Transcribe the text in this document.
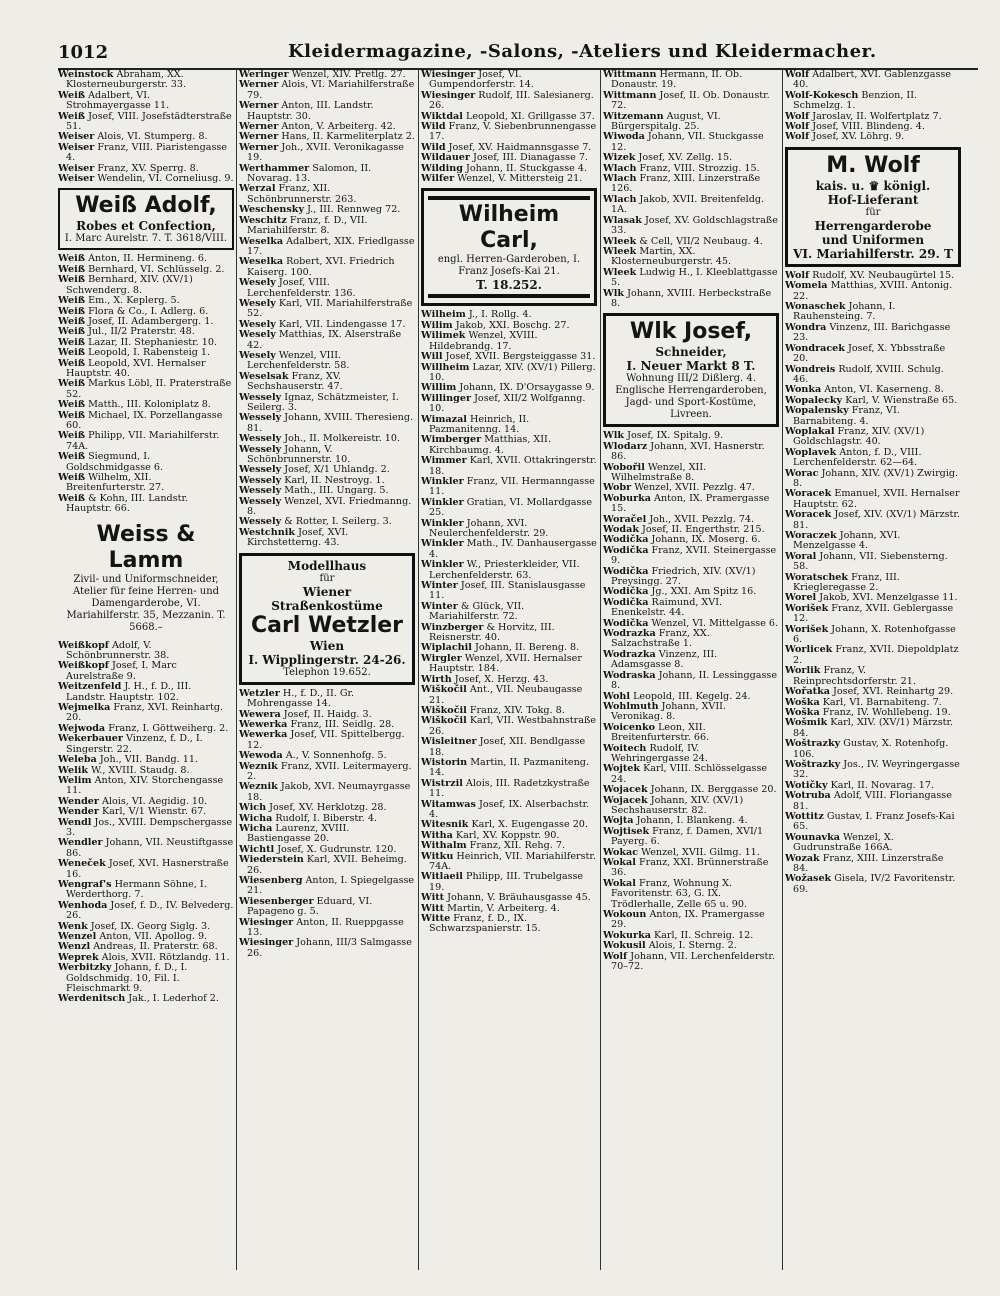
1012	Kleidermagazine, -Salons, -Ateliers und Kleidermacher.
Weinstock Abraham, XX. Klosterneuburgerstr. 33.
Weiß Adalbert, VI. Strohmayergasse 11.
Weiß Josef, VIII. Josefstädterstraße 51.
Weiser Alois, VI. Stumperg. 8.
Weiser Franz, VIII. Piaristengasse 4.
Weiser Franz, XV. Sperrg. 8.
Weiser Wendelin, VI. Corneliusg. 9.
Weiß Adolf,
Robes et Confection,
I. Marc Aurelstr. 7. T. 3618/VIII.
Weiß Anton, II. Hermineng. 6.
Weiß Bernhard, VI. Schlüsselg. 2.
Weiß Bernhard, XIV. (XV/1) Schwenderg. 8.
Weiß Em., X. Keplerg. 5.
Weiß Flora & Co., I. Adlerg. 6.
Weiß Josef, II. Adambergerg. 1.
Weiß Jul., II/2 Praterstr. 48.
Weiß Lazar, II. Stephaniestr. 10.
Weiß Leopold, I. Rabensteig 1.
Weiß Leopold, XVI. Hernalser Hauptstr. 40.
Weiß Markus Löbl, II. Praterstraße 52.
Weiß Matth., III. Koloniplatz 8.
Weiß Michael, IX. Porzellangasse 60.
Weiß Philipp, VII. Mariahilferstr. 74A.
Weiß Siegmund, I. Goldschmidgasse 6.
Weiß Wilhelm, XII. Breitenfurterstr. 27.
Weiß & Kohn, III. Landstr. Hauptstr. 66.
Weiss & Lamm
Zivil- und Uniformschneider, Atelier für feine Herren- und Damengarderobe, VI. Mariahilferstr. 35, Mezzanin. T. 5668.–
Weißkopf Adolf, V. Schönbrunnerstr. 38.
Weißkopf Josef, I. Marc Aurelstraße 9.
Weitzenfeld J. H., f. D., III. Landstr. Hauptstr. 102.
Wejmelka Franz, XVI. Reinhartg. 20.
Wejwoda Franz, I. Göttweiherg. 2.
Wekerbauer Vinzenz, f. D., I. Singerstr. 22.
Weleba Joh., VII. Bandg. 11.
Welik W., XVIII. Staudg. 8.
Welim Anton, XIV. Storchengasse 11.
Wender Alois, VI. Aegidig. 10.
Wender Karl, V/1 Wienstr. 67.
Wendl Jos., XVIII. Dempschergasse 3.
Wendler Johann, VII. Neustiftgasse 86.
Weneček Josef, XVI. Hasnerstraße 16.
Wengraf's Hermann Söhne, I. Werderthorg. 7.
Wenhoda Josef, f. D., IV. Belvederg. 26.
Wenk Josef, IX. Georg Siglg. 3.
Wenzel Anton, VII. Apollog. 9.
Wenzl Andreas, II. Praterstr. 68.
Weprek Alois, XVII. Rötzlandg. 11.
Werbitzky Johann, f. D., I. Goldschmidg. 10, Fil. I. Fleischmarkt 9.
Werdenitsch Jak., I. Lederhof 2.
Weringer Wenzel, XIV. Pretlg. 27.
Werner Alois, VI. Mariahilferstraße 79.
Werner Anton, III. Landstr. Hauptstr. 30.
Werner Anton, V. Arbeiterg. 42.
Werner Hans, II. Karmeliterplatz 2.
Werner Joh., XVII. Veronikagasse 19.
Werthammer Salomon, II. Novarag. 13.
Werzal Franz, XII. Schönbrunnerstr. 263.
Weschensky J., III. Rennweg 72.
Weschitz Franz, f. D., VII. Mariahilferstr. 8.
Weselka Adalbert, XIX. Friedlgasse 17.
Weselka Robert, XVI. Friedrich Kaiserg. 100.
Wesely Josef, VIII. Lerchenfelderstr. 136.
Wesely Karl, VII. Mariahilferstraße 52.
Wesely Karl, VII. Lindengasse 17.
Wesely Matthias, IX. Alserstraße 42.
Wesely Wenzel, VIII. Lerchenfelderstr. 58.
Weselsak Franz, XV. Sechshauserstr. 47.
Wessely Ignaz, Schätzmeister, I. Seilerg. 3.
Wessely Johann, XVIII. Theresieng. 81.
Wessely Joh., II. Molkereistr. 10.
Wessely Johann, V. Schönbrunnerstr. 10.
Wessely Josef, X/1 Uhlandg. 2.
Wessely Karl, II. Nestroyg. 1.
Wessely Math., III. Ungarg. 5.
Wessely Wenzel, XVI. Friedmanng. 8.
Wessely & Rotter, I. Seilerg. 3.
Westchnik Josef, XVI. Kirchstetterng. 43.
Modellhaus
für
Wiener Straßenkostüme
Carl Wetzler
Wien
I. Wipplingerstr. 24-26.
Telephon 19.652.
Wetzler H., f. D., II. Gr. Mohrengasse 14.
Wewera Josef, II. Haidg. 3.
Wewerka Franz, III. Seidlg. 28.
Wewerka Josef, VII. Spittelbergg. 12.
Wewoda A., V. Sonnenhofg. 5.
Weznik Franz, XVII. Leitermayerg. 2.
Weznik Jakob, XVI. Neumayrgasse 18.
Wich Josef, XV. Herklotzg. 28.
Wicha Rudolf, I. Biberstr. 4.
Wicha Laurenz, XVIII. Bastiengasse 20.
Wichtl Josef, X. Gudrunstr. 120.
Wiederstein Karl, XVII. Beheimg. 26.
Wiesenberg Anton, I. Spiegelgasse 21.
Wiesenberger Eduard, VI. Papageno g. 5.
Wiesinger Anton, II. Rueppgasse 13.
Wiesinger Johann, III/3 Salmgasse 26.
Wiesinger Josef, VI. Gumpendorferstr. 14.
Wiesinger Rudolf, III. Salesianerg. 26.
Wiktdal Leopold, XI. Grillgasse 37.
Wild Franz, V. Siebenbrunnengasse 17.
Wild Josef, XV. Haidmannsgasse 7.
Wildauer Josef, III. Dianagasse 7.
Wilding Johann, II. Stuckgasse 4.
Wilfer Wenzel, V. Mittersteig 21.
Wilheim Carl,
engl. Herren-Garderoben, I. Franz Josefs-Kai 21.
T. 18.252.
Wilheim J., I. Rollg. 4.
Wilim Jakob, XXI. Boschg. 27.
Wilimek Wenzel, XVIII. Hildebrandg. 17.
Will Josef, XVII. Bergsteiggasse 31.
Willheim Lazar, XIV. (XV/1) Pillerg. 10.
Willim Johann, IX. D'Orsaygasse 9.
Willinger Josef, XII/2 Wolfganng. 10.
Wimazal Heinrich, II. Pazmanitenng. 14.
Wimberger Matthias, XII. Kirchbaumg. 4.
Wimmer Karl, XVII. Ottakringerstr. 18.
Winkler Franz, VII. Hermanngasse 11.
Winkler Gratian, VI. Mollardgasse 25.
Winkler Johann, XVI. Neulerchenfelderstr. 29.
Winkler Math., IV. Danhausergasse 4.
Winkler W., Priesterkleider, VII. Lerchenfelderstr. 63.
Winter Josef, III. Stanislausgasse 11.
Winter & Glück, VII. Mariahilferstr. 72.
Winzberger & Horvitz, III. Reisnerstr. 40.
Wiplachil Johann, II. Bereng. 8.
Wirgler Wenzel, XVII. Hernalser Hauptstr. 184.
Wirth Josef, X. Herzg. 43.
Wiškočil Ant., VII. Neubaugasse 21.
Wiškočil Franz, XIV. Tokg. 8.
Wiškočil Karl, VII. Westbahnstraße 26.
Wisleitner Josef, XII. Bendlgasse 18.
Wistorin Martin, II. Pazmaniteng. 14.
Wistrzil Alois, III. Radetzkystraße 11.
Witamwas Josef, IX. Alserbachstr. 4.
Witesnik Karl, X. Eugengasse 20.
Witha Karl, XV. Koppstr. 90.
Withalm Franz, XII. Rehg. 7.
Witku Heinrich, VII. Mariahilferstr. 74A.
Witlaeil Philipp, III. Trubelgasse 19.
Witt Johann, V. Bräuhausgasse 45.
Witt Martin, V. Arbeiterg. 4.
Witte Franz, f. D., IX. Schwarzspanierstr. 15.
Wittmann Hermann, II. Ob. Donaustr. 19.
Wittmann Josef, II. Ob. Donaustr. 72.
Witzemann August, VI. Bürgerspitalg. 25.
Wiwoda Johann, VII. Stuckgasse 12.
Wizek Josef, XV. Zellg. 15.
Wlach Franz, VIII. Strozzig. 15.
Wlach Franz, XIII. Linzerstraße 126.
Wlach Jakob, XVII. Breitenfeldg. 1A.
Wlasak Josef, XV. Goldschlagstraße 33.
Wleek & Cell, VII/2 Neubaug. 4.
Wleek Martin, XX. Klosterneuburgerstr. 45.
Wleek Ludwig H., I. Kleeblattgasse 5.
Wlk Johann, XVIII. Herbeckstraße 8.
Wlk Josef,
Schneider,
I. Neuer Markt 8 T.
Wohnung III/2 Dißlerg. 4.
Englische Herrengarderoben, Jagd- und Sport-Kostüme, Livreen.
Wlk Josef, IX. Spitalg. 9.
Wlodarz Johann, XVI. Hasnerstr. 86.
Wobořil Wenzel, XII. Wilhelmstraße 8.
Wobr Wenzel, XVII. Pezzlg. 47.
Woburka Anton, IX. Pramergasse 15.
Woračel Joh., XVII. Pezzlg. 74.
Wodak Josef, II. Engerthstr. 215.
Wodička Johann, IX. Moserg. 6.
Wodička Franz, XVII. Steinergasse 9.
Wodička Friedrich, XIV. (XV/1) Preysingg. 27.
Wodička Jg., XXI. Am Spitz 16.
Wodička Raimund, XVI. Enenkelstr. 44.
Wodička Wenzel, VI. Mittelgasse 6.
Wodrazka Franz, XX. Salzachstraße 1.
Wodrazka Vinzenz, III. Adamsgasse 8.
Wodraska Johann, II. Lessinggasse 8.
Wohl Leopold, III. Kegelg. 24.
Wohlmuth Johann, XVII. Veronikag. 8.
Woicenko Leon, XII. Breitenfurterstr. 66.
Woitech Rudolf, IV. Wehringergasse 24.
Wojtek Karl, VIII. Schlösselgasse 24.
Wojacek Johann, IX. Berggasse 20.
Wojacek Johann, XIV. (XV/1) Sechshauserstr. 82.
Wojta Johann, I. Blankeng. 4.
Wojtisek Franz, f. Damen, XVI/1 Payerg. 6.
Wokac Wenzel, XVII. Gilmg. 11.
Wokal Franz, XXI. Brünnerstraße 36.
Wokal Franz, Wohnung X. Favoritenstr. 63, G. IX. Trödlerhalle, Zelle 65 u. 90.
Wokoun Anton, IX. Pramergasse 29.
Wokurka Karl, II. Schreig. 12.
Wokusil Alois, I. Sterng. 2.
Wolf Johann, VII. Lerchenfelderstr. 70–72.
Wolf Adalbert, XVI. Gablenzgasse 40.
Wolf-Kokesch Benzion, II. Schmelzg. 1.
Wolf Jaroslav, II. Wolfertplatz 7.
Wolf Josef, VIII. Blindeng. 4.
Wolf Josef, XV. Löhrg. 9.
M. Wolf
kais. u. ♛ königl.
Hof-Lieferant
für
Herrengarderobe
und Uniformen
VI. Mariahilferstr. 29. T
Wolf Rudolf, XV. Neubaugürtel 15.
Womela Matthias, XVIII. Antonig. 22.
Wonaschek Johann, I. Rauhensteing. 7.
Wondra Vinzenz, III. Barichgasse 23.
Wondracek Josef, X. Ybbsstraße 20.
Wondreis Rudolf, XVIII. Schulg. 46.
Wonka Anton, VI. Kaserneng. 8.
Wopalecky Karl, V. Wienstraße 65.
Wopalensky Franz, VI. Barnabiteng. 4.
Woplakal Franz, XIV. (XV/1) Goldschlagstr. 40.
Woplavek Anton, f. D., VIII. Lerchenfelderstr. 62—64.
Worac Johann, XIV. (XV/1) Zwirgig. 8.
Woracek Emanuel, XVII. Hernalser Hauptstr. 62.
Woracek Josef, XIV. (XV/1) Märzstr. 81.
Woraczek Johann, XVI. Menzelgasse 4.
Woral Johann, VII. Siebensterng. 58.
Woratschek Franz, III. Kriegleregasse 2.
Worel Jakob, XVI. Menzelgasse 11.
Worišek Franz, XVII. Geblergasse 12.
Worišek Johann, X. Rotenhofgasse 6.
Worlicek Franz, XVII. Diepoldplatz 2.
Worlik Franz, V. Reinprechtsdorferstr. 21.
Wořatka Josef, XVI. Reinhartg 29.
Woška Karl, VI. Barnabiteng. 7.
Woška Franz, IV. Wohllebeng. 19.
Wošmik Karl, XIV. (XV/1) Märzstr. 84.
Woštrazky Gustav, X. Rotenhofg. 106.
Woštrazky Jos., IV. Weyringergasse 32.
Wotičky Karl, II. Novarag. 17.
Wotruba Adolf, VIII. Floriangasse 81.
Wottitz Gustav, I. Franz Josefs-Kai 65.
Wounavka Wenzel, X. Gudrunstraße 166A.
Wozak Franz, XIII. Linzerstraße 84.
Wožasek Gisela, IV/2 Favoritenstr. 69.
